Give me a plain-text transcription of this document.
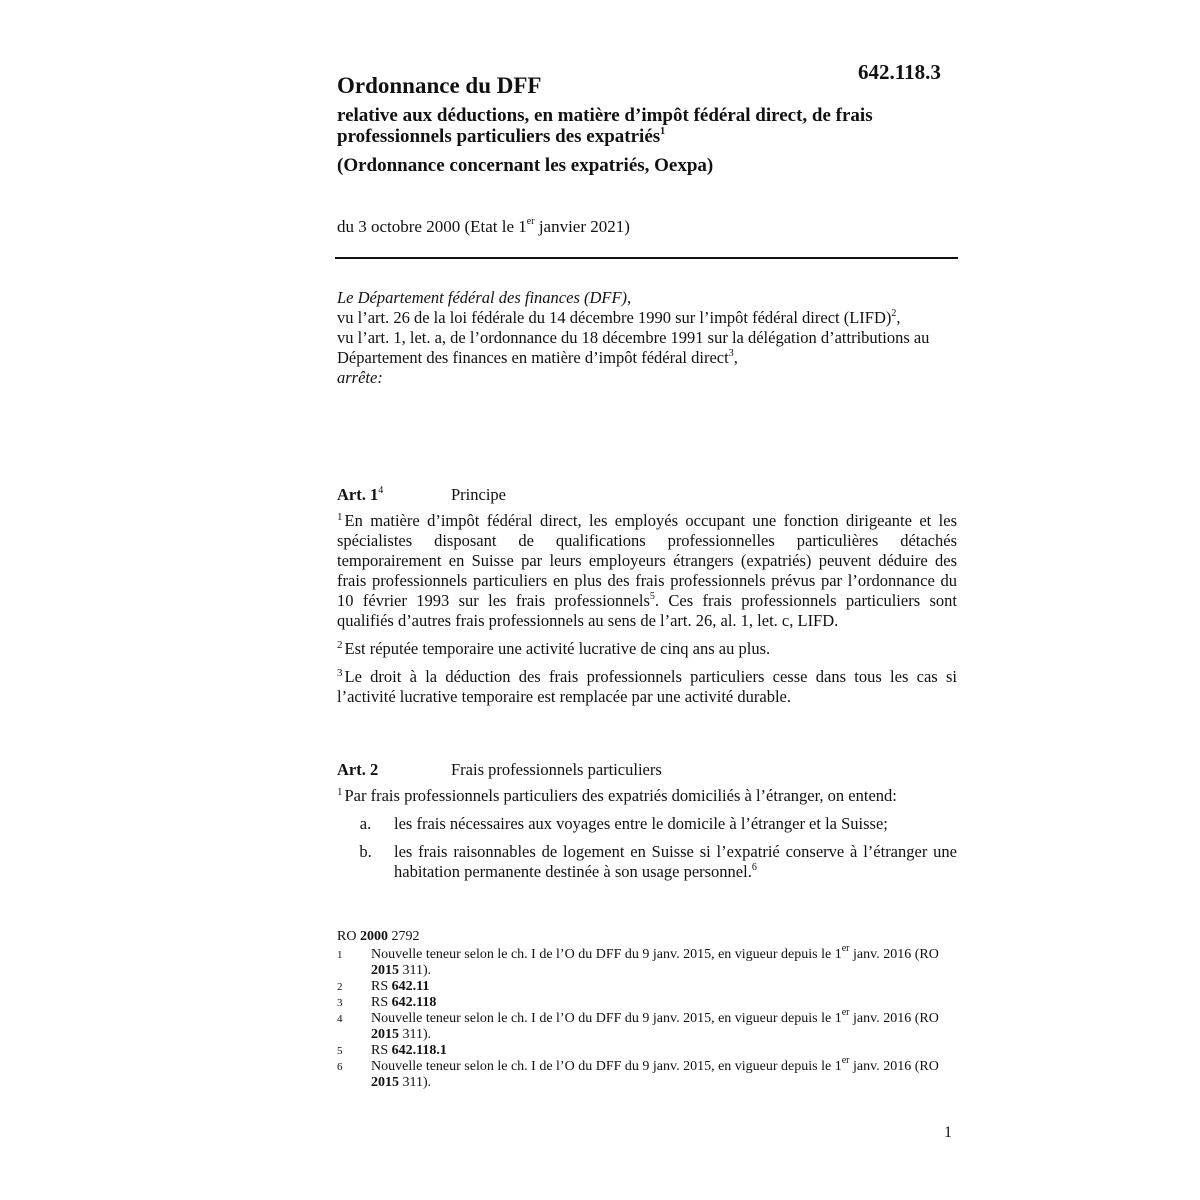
642.118.3
Ordonnance du DFF
relative aux déductions, en matière d’impôt fédéral direct, de frais professionnels particuliers des expatriés$^1$
(Ordonnance concernant les expatriés, Oexpa)
du 3 octobre 2000 (Etat le 1er janvier 2021)

Le Département fédéral des finances (DFF),

vu l’art. 26 de la loi fédérale du 14 décembre 1990 sur l’impôt fédéral direct (LIFD)$^2$,

vu l’art. 1, let. a, de l’ordonnance du 18 décembre 1991 sur la délégation d’attributions au Département des finances en matière d’impôt fédéral direct$^3$,

arrête:

Art. $1^4$	Principe

$^1$ En matière d’impôt fédéral direct, les employés occupant une fonction dirigeante et les spécialistes disposant de qualifications professionnelles particulières détachés temporairement en Suisse par leurs employeurs étrangers (expatriés) peuvent déduire des frais professionnels particuliers en plus des frais professionnels prévus par l’ordonnance du 10 février 1993 sur les frais professionnels$^5$. Ces frais professionnels particuliers sont qualifiés d’autres frais professionnels au sens de l’art. 26, al. 1, let. c, LIFD.

$^2$ Est réputée temporaire une activité lucrative de cinq ans au plus.

$^3$ Le droit à la déduction des frais professionnels particuliers cesse dans tous les cas si l’activité lucrative temporaire est remplacée par une activité durable.

Art. 2	Frais professionnels particuliers

$^1$ Par frais professionnels particuliers des expatriés domiciliés à l’étranger, on entend:

a.	les frais nécessaires aux voyages entre le domicile à l’étranger et la Suisse;
b.	les frais raisonnables de logement en Suisse si l’expatrié conserve à l’étranger une habitation permanente destinée à son usage personnel.$^6$
RO 2000 2792
1	Nouvelle teneur selon le ch. I de l’O du DFF du 9 janv. 2015, en vigueur depuis le 1er janv. 2016 (RO 2015 311).
2	RS 642.11
3	RS 642.118
4	Nouvelle teneur selon le ch. I de l’O du DFF du 9 janv. 2015, en vigueur depuis le 1er janv. 2016 (RO 2015 311).
5	RS 642.118.1
6	Nouvelle teneur selon le ch. I de l’O du DFF du 9 janv. 2015, en vigueur depuis le 1er janv. 2016 (RO 2015 311).
1
